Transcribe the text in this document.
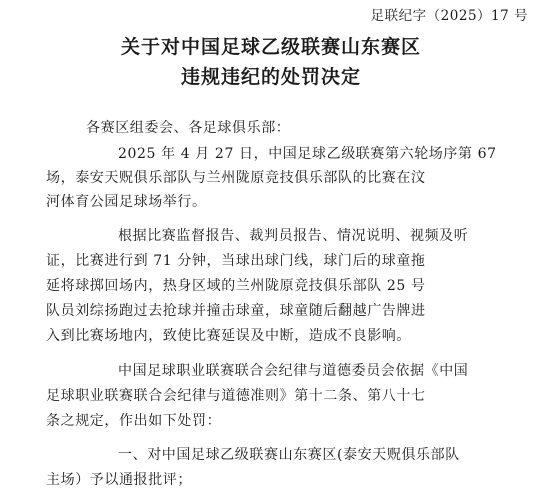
足联纪字（2025）17 号
关于对中国足球乙级联赛山东赛区
违规违纪的处罚决定
各赛区组委会、各足球俱乐部：
2025 年 4 月 27 日，中国足球乙级联赛第六轮场序第 67
场，泰安天贶俱乐部队与兰州陇原竞技俱乐部队的比赛在汶
河体育公园足球场举行。
根据比赛监督报告、裁判员报告、情况说明、视频及听
证，比赛进行到 71 分钟，当球出球门线，球门后的球童拖
延将球掷回场内，热身区域的兰州陇原竞技俱乐部队 25 号
队员刘综扬跑过去抢球并撞击球童，球童随后翻越广告牌进
入到比赛场地内，致使比赛延误及中断，造成不良影响。
中国足球职业联赛联合会纪律与道德委员会依据《中国
足球职业联赛联合会纪律与道德准则》第十二条、第八十七
条之规定，作出如下处罚：
一、对中国足球乙级联赛山东赛区(泰安天贶俱乐部队
主场）予以通报批评；
